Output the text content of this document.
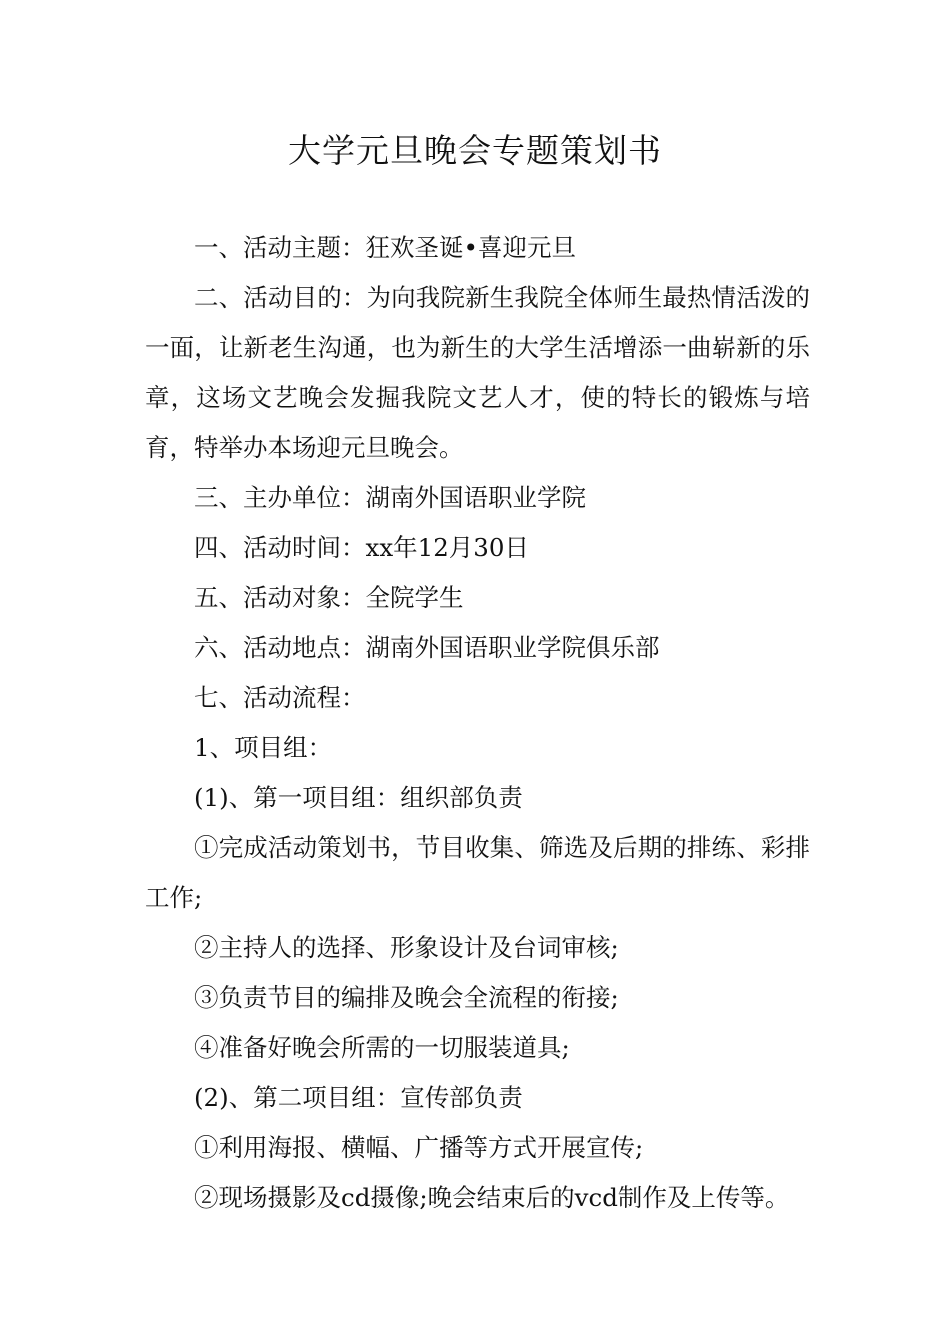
大学元旦晚会专题策划书

一、活动主题：狂欢圣诞•喜迎元旦

二、活动目的：为向我院新生我院全体师生最热情活泼的一面，让新老生沟通，也为新生的大学生活增添一曲崭新的乐章，这场文艺晚会发掘我院文艺人才，使的特长的锻炼与培育，特举办本场迎元旦晚会。

三、主办单位：湖南外国语职业学院

四、活动时间：xx年12月30日

五、活动对象：全院学生

六、活动地点：湖南外国语职业学院俱乐部

七、活动流程：

1、项目组：

(1)、第一项目组：组织部负责

①完成活动策划书，节目收集、筛选及后期的排练、彩排工作;

②主持人的选择、形象设计及台词审核;

③负责节目的编排及晚会全流程的衔接;

④准备好晚会所需的一切服装道具;

(2)、第二项目组：宣传部负责

①利用海报、横幅、广播等方式开展宣传;

②现场摄影及cd摄像;晚会结束后的vcd制作及上传等。
